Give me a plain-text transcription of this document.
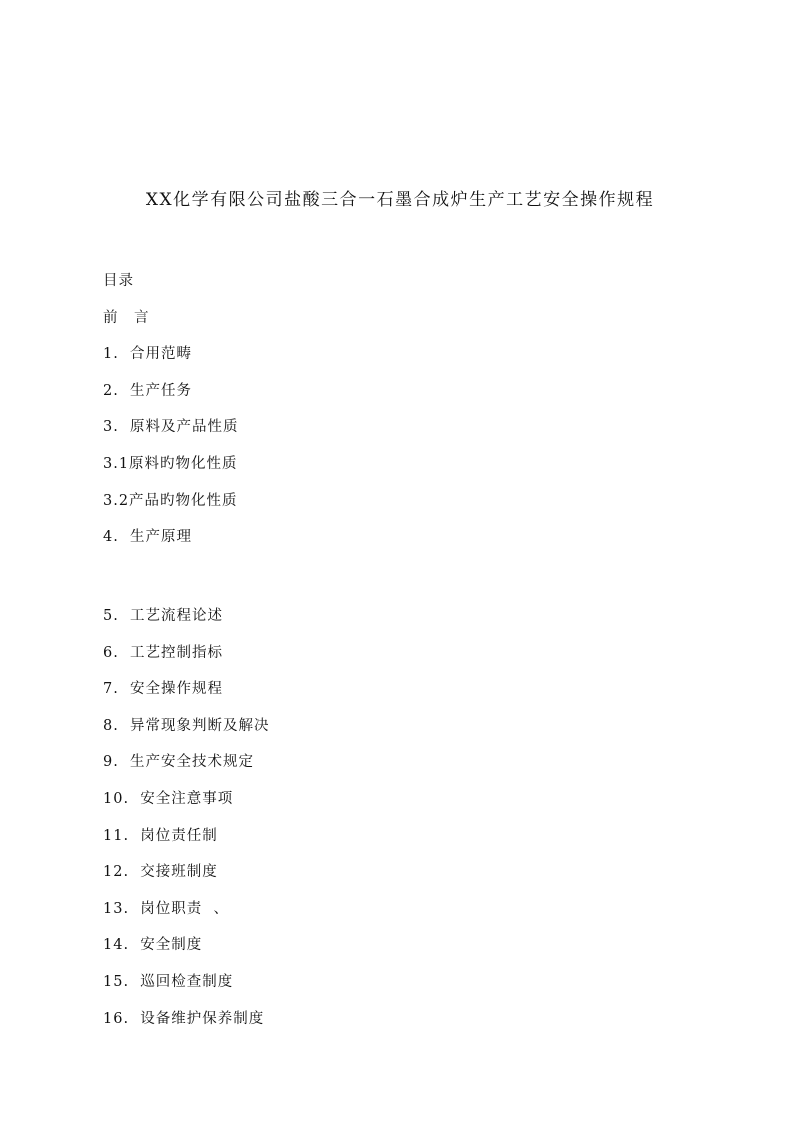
XX化学有限公司盐酸三合一石墨合成炉生产工艺安全操作规程
目录
前　言
1.  合用范畴
2.  生产任务
3.  原料及产品性质
3.1原料旳物化性质
3.2产品旳物化性质
4.  生产原理
5.  工艺流程论述
6.  工艺控制指标
7.  安全操作规程
8.  异常现象判断及解决
9.  生产安全技术规定
10.  安全注意事项
11.  岗位责任制
12.  交接班制度
13.  岗位职责  、
14.  安全制度
15.  巡回检查制度
16.  设备维护保养制度
